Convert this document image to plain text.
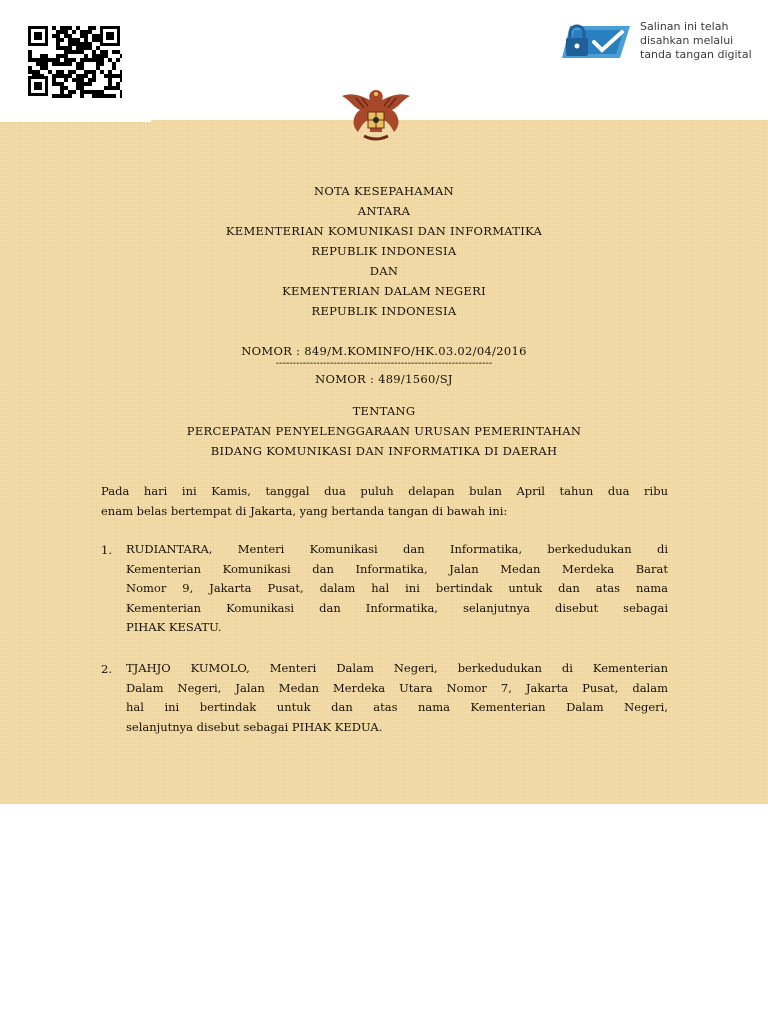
Salinan ini telah
disahkan melalui
tanda tangan digital
NOTA KESEPAHAMAN
ANTARA
KEMENTERIAN KOMUNIKASI DAN INFORMATIKA
REPUBLIK INDONESIA
DAN
KEMENTERIAN DALAM NEGERI
REPUBLIK INDONESIA
NOMOR : 849/M.KOMINFO/HK.03.02/04/2016
----------------------------------------------------------------
NOMOR : 489/1560/SJ
TENTANG
PERCEPATAN PENYELENGGARAAN URUSAN PEMERINTAHAN
BIDANG KOMUNIKASI DAN INFORMATIKA DI DAERAH
Pada hari ini Kamis, tanggal dua puluh delapan bulan April tahun dua ribu
enam belas bertempat di Jakarta, yang bertanda tangan di bawah ini:
1. RUDIANTARA, Menteri Komunikasi dan Informatika, berkedudukan di
Kementerian Komunikasi dan Informatika, Jalan Medan Merdeka Barat
Nomor 9, Jakarta Pusat, dalam hal ini bertindak untuk dan atas nama
Kementerian Komunikasi dan Informatika, selanjutnya disebut sebagai
PIHAK KESATU.
2. TJAHJO KUMOLO, Menteri Dalam Negeri, berkedudukan di Kementerian
Dalam Negeri, Jalan Medan Merdeka Utara Nomor 7, Jakarta Pusat, dalam
hal ini bertindak untuk dan atas nama Kementerian Dalam Negeri,
selanjutnya disebut sebagai PIHAK KEDUA.
